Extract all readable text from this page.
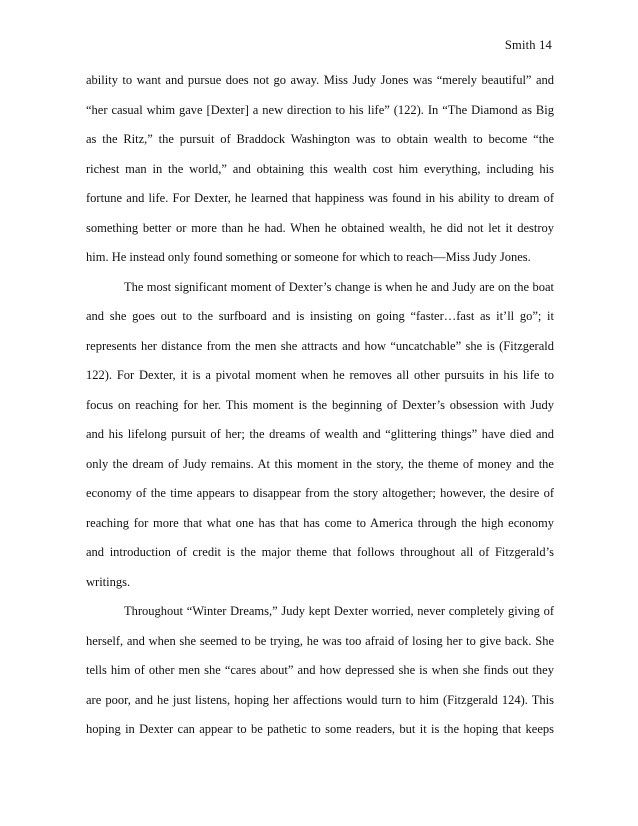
Smith 14
ability to want and pursue does not go away. Miss Judy Jones was “merely beautiful” and
“her casual whim gave [Dexter] a new direction to his life” (122). In “The Diamond as Big
as the Ritz,” the pursuit of Braddock Washington was to obtain wealth to become “the
richest man in the world,” and obtaining this wealth cost him everything, including his
fortune and life. For Dexter, he learned that happiness was found in his ability to dream of
something better or more than he had. When he obtained wealth, he did not let it destroy
him. He instead only found something or someone for which to reach—Miss Judy Jones.
The most significant moment of Dexter’s change is when he and Judy are on the boat
and she goes out to the surfboard and is insisting on going “faster…fast as it’ll go”; it
represents her distance from the men she attracts and how “uncatchable” she is (Fitzgerald
122). For Dexter, it is a pivotal moment when he removes all other pursuits in his life to
focus on reaching for her. This moment is the beginning of Dexter’s obsession with Judy
and his lifelong pursuit of her; the dreams of wealth and “glittering things” have died and
only the dream of Judy remains. At this moment in the story, the theme of money and the
economy of the time appears to disappear from the story altogether; however, the desire of
reaching for more that what one has that has come to America through the high economy
and introduction of credit is the major theme that follows throughout all of Fitzgerald’s
writings.
Throughout “Winter Dreams,” Judy kept Dexter worried, never completely giving of
herself, and when she seemed to be trying, he was too afraid of losing her to give back. She
tells him of other men she “cares about” and how depressed she is when she finds out they
are poor, and he just listens, hoping her affections would turn to him (Fitzgerald 124). This
hoping in Dexter can appear to be pathetic to some readers, but it is the hoping that keeps
